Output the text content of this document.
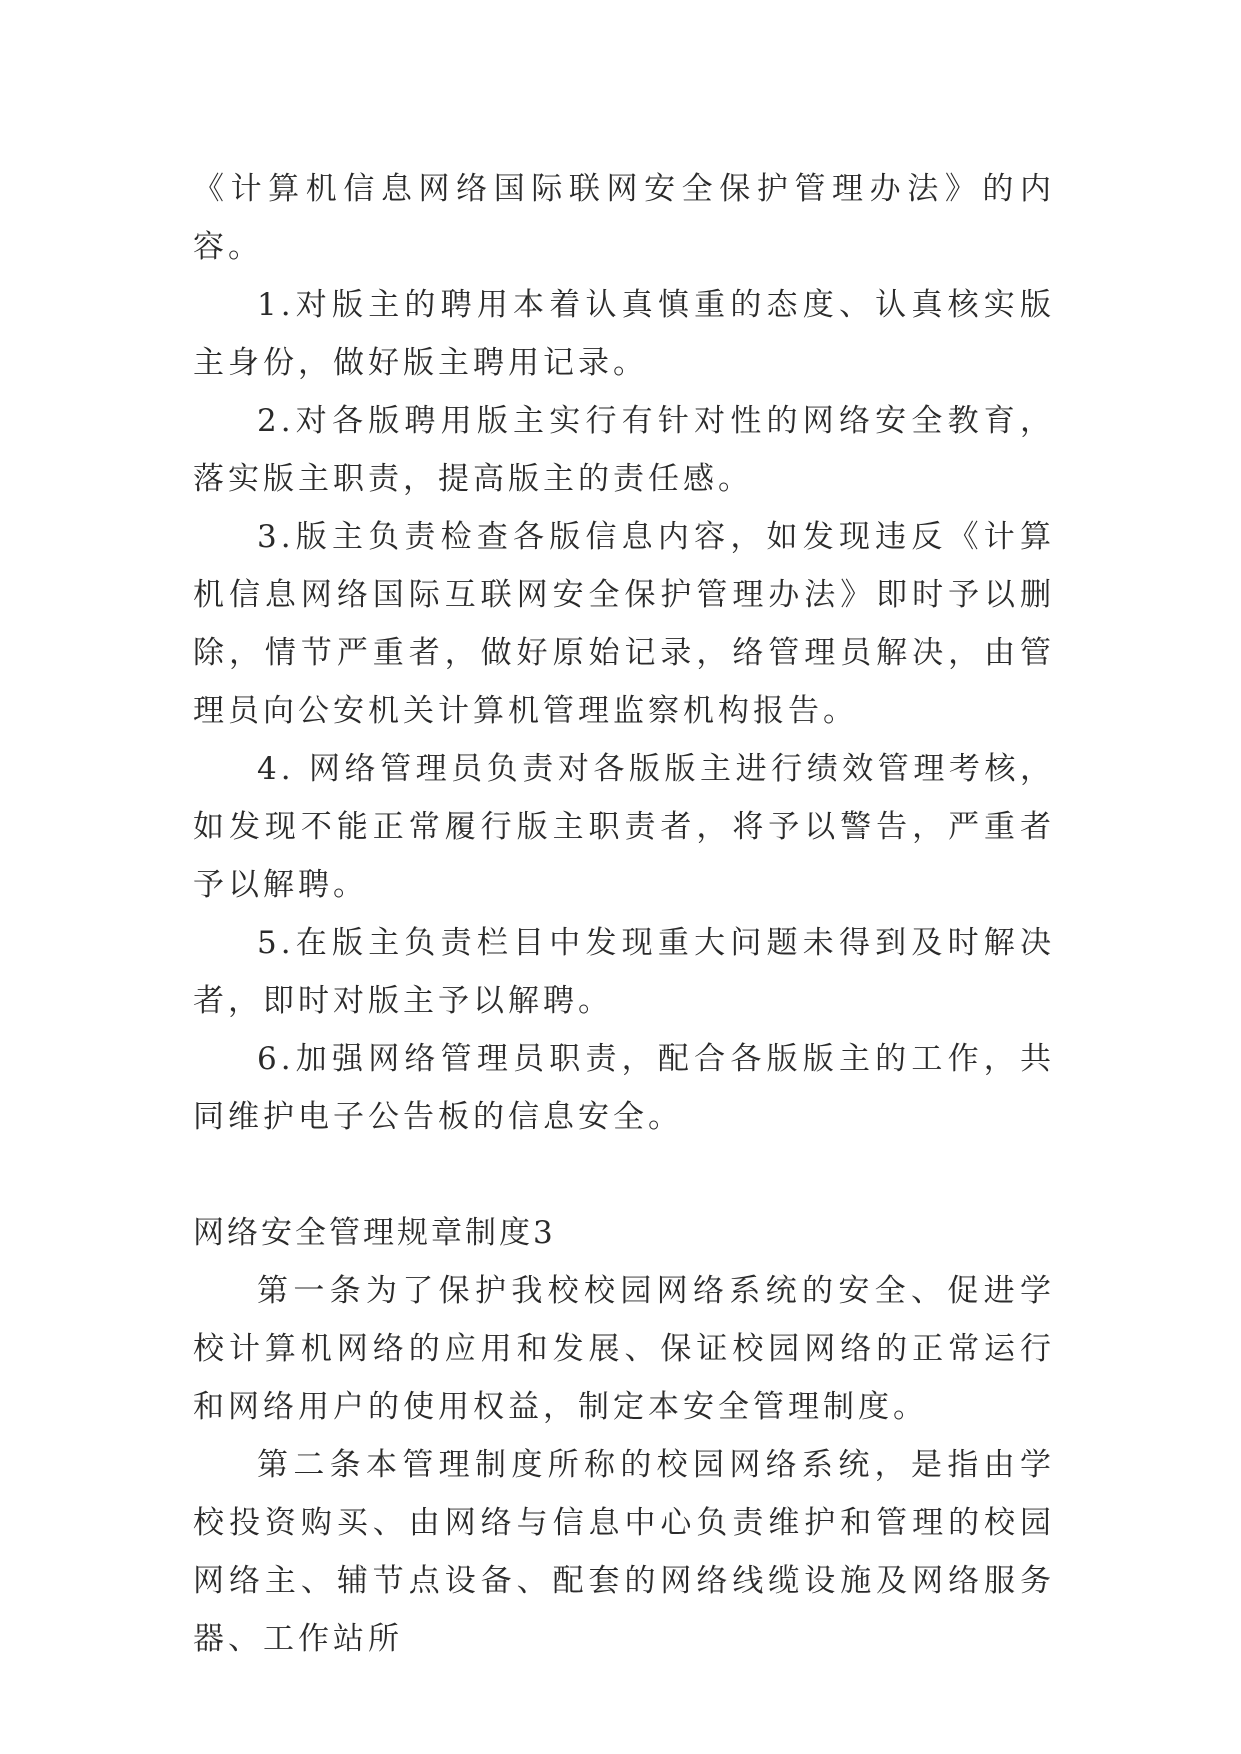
《计算机信息网络国际联网安全保护管理办法》的内容。

1.对版主的聘用本着认真慎重的态度、认真核实版主身份，做好版主聘用记录。

2.对各版聘用版主实行有针对性的网络安全教育，落实版主职责，提高版主的责任感。

3.版主负责检查各版信息内容，如发现违反《计算机信息网络国际互联网安全保护管理办法》即时予以删除，情节严重者，做好原始记录，络管理员解决，由管理员向公安机关计算机管理监察机构报告。

4. 网络管理员负责对各版版主进行绩效管理考核，如发现不能正常履行版主职责者，将予以警告，严重者予以解聘。

5.在版主负责栏目中发现重大问题未得到及时解决者，即时对版主予以解聘。

6.加强网络管理员职责，配合各版版主的工作，共同维护电子公告板的信息安全。

网络安全管理规章制度3

第一条为了保护我校校园网络系统的安全、促进学校计算机网络的应用和发展、保证校园网络的正常运行和网络用户的使用权益，制定本安全管理制度。

第二条本管理制度所称的校园网络系统，是指由学校投资购买、由网络与信息中心负责维护和管理的校园网络主、辅节点设备、配套的网络线缆设施及网络服务器、工作站所
